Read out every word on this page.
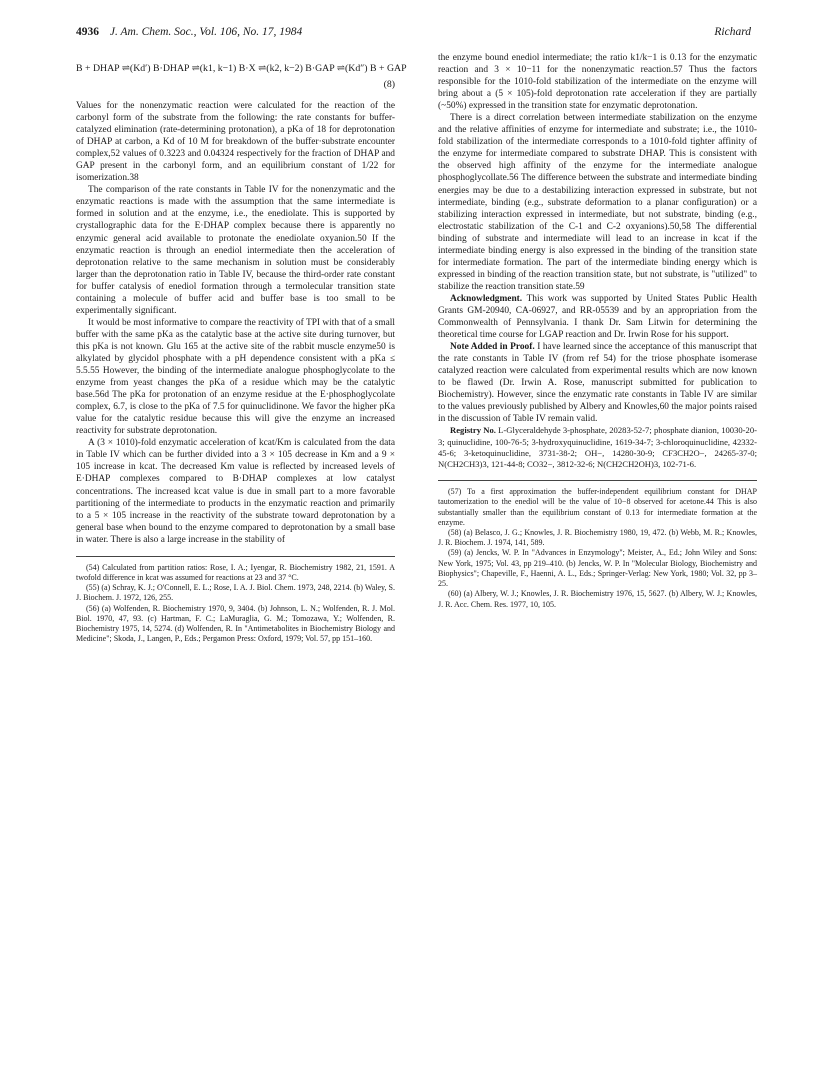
4936 J. Am. Chem. Soc., Vol. 106, No. 17, 1984	Richard
B + DHAP ⇌(Kd′) B·DHAP ⇌(k1, k−1) B·X ⇌(k2, k−2) B·GAP ⇌(Kd″) B + GAP
(8)

Values for the nonenzymatic reaction were calculated for the reaction of the carbonyl form of the substrate from the following: the rate constants for buffer-catalyzed elimination (rate-determining protonation), a pKa of 18 for deprotonation of DHAP at carbon, a Kd of 10 M for breakdown of the buffer·substrate encounter complex,52 values of 0.3223 and 0.04324 respectively for the fraction of DHAP and GAP present in the carbonyl form, and an equilibrium constant of 1/22 for isomerization.38

The comparison of the rate constants in Table IV for the nonenzymatic and the enzymatic reactions is made with the assumption that the same intermediate is formed in solution and at the enzyme, i.e., the enediolate. This is supported by crystallographic data for the E·DHAP complex because there is apparently no enzymic general acid available to protonate the enediolate oxyanion.50 If the enzymatic reaction is through an enediol intermediate then the acceleration of deprotonation relative to the same mechanism in solution must be considerably larger than the deprotonation ratio in Table IV, because the third-order rate constant for buffer catalysis of enediol formation through a termolecular transition state containing a molecule of buffer acid and buffer base is too small to be experimentally significant.

It would be most informative to compare the reactivity of TPI with that of a small buffer with the same pKa as the catalytic base at the active site during turnover, but this pKa is not known. Glu 165 at the active site of the rabbit muscle enzyme50 is alkylated by glycidol phosphate with a pH dependence consistent with a pKa ≤ 5.5.55 However, the binding of the intermediate analogue phosphoglycolate to the enzyme from yeast changes the pKa of a residue which may be the catalytic base.56d The pKa for protonation of an enzyme residue at the E·phosphoglycolate complex, 6.7, is close to the pKa of 7.5 for quinuclidinone. We favor the higher pKa value for the catalytic residue because this will give the enzyme an increased reactivity for substrate deprotonation.

A (3 × 1010)-fold enzymatic acceleration of kcat/Km is calculated from the data in Table IV which can be further divided into a 3 × 105 decrease in Km and a 9 × 105 increase in kcat. The decreased Km value is reflected by increased levels of E·DHAP complexes compared to B·DHAP complexes at low catalyst concentrations. The increased kcat value is due in small part to a more favorable partitioning of the intermediate to products in the enzymatic reaction and primarily to a 5 × 105 increase in the reactivity of the substrate toward deprotonation by a general base when bound to the enzyme compared to deprotonation by a small base in water. There is also a large increase in the stability of

(54) Calculated from partition ratios: Rose, I. A.; Iyengar, R. Biochemistry 1982, 21, 1591. A twofold difference in kcat was assumed for reactions at 23 and 37 °C.

(55) (a) Schray, K. J.; O'Connell, E. L.; Rose, I. A. J. Biol. Chem. 1973, 248, 2214. (b) Waley, S. J. Biochem. J. 1972, 126, 255.

(56) (a) Wolfenden, R. Biochemistry 1970, 9, 3404. (b) Johnson, L. N.; Wolfenden, R. J. Mol. Biol. 1970, 47, 93. (c) Hartman, F. C.; LaMuraglia, G. M.; Tomozawa, Y.; Wolfenden, R. Biochemistry 1975, 14, 5274. (d) Wolfenden, R. In "Antimetabolites in Biochemistry Biology and Medicine"; Skoda, J., Langen, P., Eds.; Pergamon Press: Oxford, 1979; Vol. 57, pp 151–160.

the enzyme bound enediol intermediate; the ratio k1/k−1 is 0.13 for the enzymatic reaction and 3 × 10−11 for the nonenzymatic reaction.57 Thus the factors responsible for the 1010-fold stabilization of the intermediate on the enzyme will bring about a (5 × 105)-fold deprotonation rate acceleration if they are partially (~50%) expressed in the transition state for enzymatic deprotonation.

There is a direct correlation between intermediate stabilization on the enzyme and the relative affinities of enzyme for intermediate and substrate; i.e., the 1010-fold stabilization of the intermediate corresponds to a 1010-fold tighter affinity of the enzyme for intermediate compared to substrate DHAP. This is consistent with the observed high affinity of the enzyme for the intermediate analogue phosphoglycollate.56 The difference between the substrate and intermediate binding energies may be due to a destabilizing interaction expressed in substrate, but not intermediate, binding (e.g., substrate deformation to a planar configuration) or a stabilizing interaction expressed in intermediate, but not substrate, binding (e.g., electrostatic stabilization of the C-1 and C-2 oxyanions).50,58 The differential binding of substrate and intermediate will lead to an increase in kcat if the intermediate binding energy is also expressed in the binding of the transition state for intermediate formation. The part of the intermediate binding energy which is expressed in binding of the reaction transition state, but not substrate, is "utilized" to stabilize the reaction transition state.59

Acknowledgment. This work was supported by United States Public Health Grants GM-20940, CA-06927, and RR-05539 and by an appropriation from the Commonwealth of Pennsylvania. I thank Dr. Sam Litwin for determining the theoretical time course for LGAP reaction and Dr. Irwin Rose for his support.

Note Added in Proof. I have learned since the acceptance of this manuscript that the rate constants in Table IV (from ref 54) for the triose phosphate isomerase catalyzed reaction were calculated from experimental results which are now known to be flawed (Dr. Irwin A. Rose, manuscript submitted for publication to Biochemistry). However, since the enzymatic rate constants in Table IV are similar to the values previously published by Albery and Knowles,60 the major points raised in the discussion of Table IV remain valid.

Registry No. L-Glyceraldehyde 3-phosphate, 20283-52-7; phosphate dianion, 10030-20-3; quinuclidine, 100-76-5; 3-hydroxyquinuclidine, 1619-34-7; 3-chloroquinuclidine, 42332-45-6; 3-ketoquinuclidine, 3731-38-2; OH−, 14280-30-9; CF3CH2O−, 24265-37-0; N(CH2CH3)3, 121-44-8; CO32−, 3812-32-6; N(CH2CH2OH)3, 102-71-6.

(57) To a first approximation the buffer-independent equilibrium constant for DHAP tautomerization to the enediol will be the value of 10−8 observed for acetone.44 This is also substantially smaller than the equilibrium constant of 0.13 for intermediate formation at the enzyme.

(58) (a) Belasco, J. G.; Knowles, J. R. Biochemistry 1980, 19, 472. (b) Webb, M. R.; Knowles, J. R. Biochem. J. 1974, 141, 589.

(59) (a) Jencks, W. P. In "Advances in Enzymology"; Meister, A., Ed.; John Wiley and Sons: New York, 1975; Vol. 43, pp 219–410. (b) Jencks, W. P. In "Molecular Biology, Biochemistry and Biophysics"; Chapeville, F., Haenni, A. L., Eds.; Springer-Verlag: New York, 1980; Vol. 32, pp 3–25.

(60) (a) Albery, W. J.; Knowles, J. R. Biochemistry 1976, 15, 5627. (b) Albery, W. J.; Knowles, J. R. Acc. Chem. Res. 1977, 10, 105.
